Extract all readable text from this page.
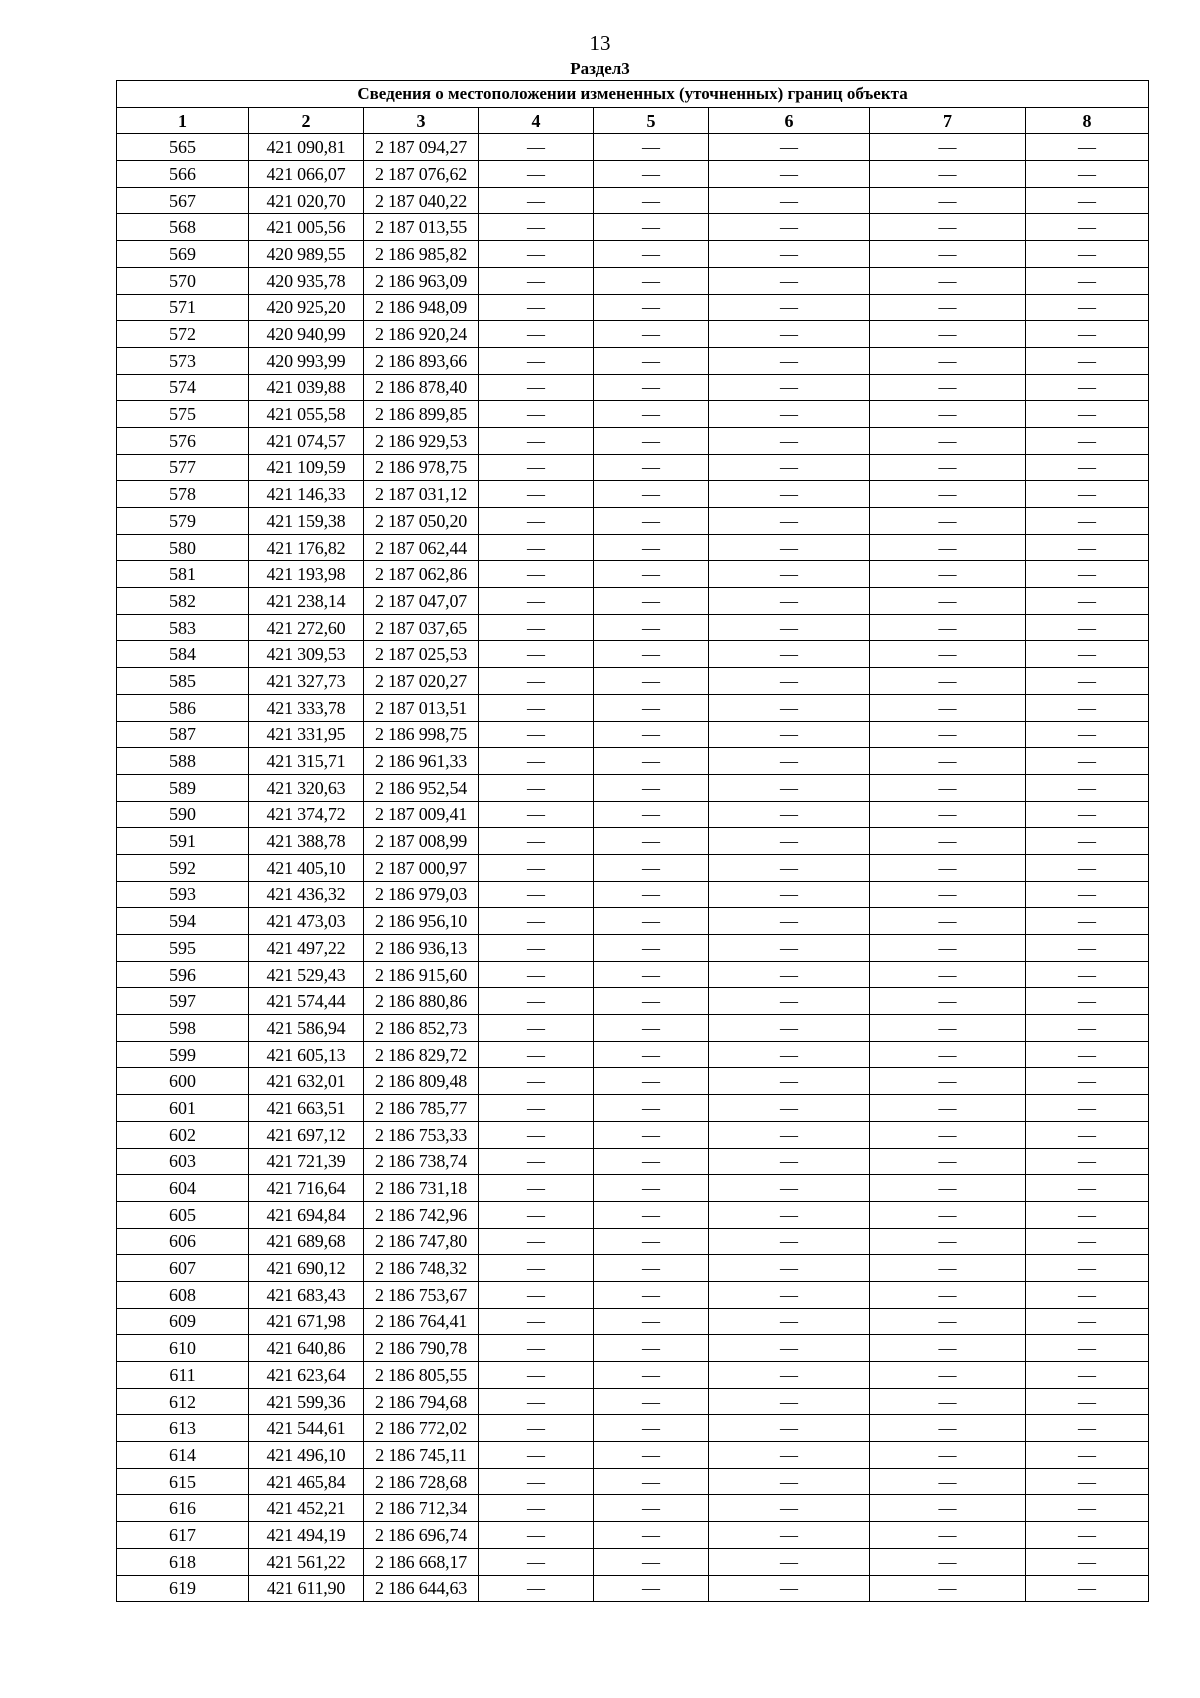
13
Раздел3
Сведения о местоположении измененных (уточненных) границ объекта							
1	2	3	4	5	6	7	8
565	421 090,81	2 187 094,27	—	—	—	—	—
566	421 066,07	2 187 076,62	—	—	—	—	—
567	421 020,70	2 187 040,22	—	—	—	—	—
568	421 005,56	2 187 013,55	—	—	—	—	—
569	420 989,55	2 186 985,82	—	—	—	—	—
570	420 935,78	2 186 963,09	—	—	—	—	—
571	420 925,20	2 186 948,09	—	—	—	—	—
572	420 940,99	2 186 920,24	—	—	—	—	—
573	420 993,99	2 186 893,66	—	—	—	—	—
574	421 039,88	2 186 878,40	—	—	—	—	—
575	421 055,58	2 186 899,85	—	—	—	—	—
576	421 074,57	2 186 929,53	—	—	—	—	—
577	421 109,59	2 186 978,75	—	—	—	—	—
578	421 146,33	2 187 031,12	—	—	—	—	—
579	421 159,38	2 187 050,20	—	—	—	—	—
580	421 176,82	2 187 062,44	—	—	—	—	—
581	421 193,98	2 187 062,86	—	—	—	—	—
582	421 238,14	2 187 047,07	—	—	—	—	—
583	421 272,60	2 187 037,65	—	—	—	—	—
584	421 309,53	2 187 025,53	—	—	—	—	—
585	421 327,73	2 187 020,27	—	—	—	—	—
586	421 333,78	2 187 013,51	—	—	—	—	—
587	421 331,95	2 186 998,75	—	—	—	—	—
588	421 315,71	2 186 961,33	—	—	—	—	—
589	421 320,63	2 186 952,54	—	—	—	—	—
590	421 374,72	2 187 009,41	—	—	—	—	—
591	421 388,78	2 187 008,99	—	—	—	—	—
592	421 405,10	2 187 000,97	—	—	—	—	—
593	421 436,32	2 186 979,03	—	—	—	—	—
594	421 473,03	2 186 956,10	—	—	—	—	—
595	421 497,22	2 186 936,13	—	—	—	—	—
596	421 529,43	2 186 915,60	—	—	—	—	—
597	421 574,44	2 186 880,86	—	—	—	—	—
598	421 586,94	2 186 852,73	—	—	—	—	—
599	421 605,13	2 186 829,72	—	—	—	—	—
600	421 632,01	2 186 809,48	—	—	—	—	—
601	421 663,51	2 186 785,77	—	—	—	—	—
602	421 697,12	2 186 753,33	—	—	—	—	—
603	421 721,39	2 186 738,74	—	—	—	—	—
604	421 716,64	2 186 731,18	—	—	—	—	—
605	421 694,84	2 186 742,96	—	—	—	—	—
606	421 689,68	2 186 747,80	—	—	—	—	—
607	421 690,12	2 186 748,32	—	—	—	—	—
608	421 683,43	2 186 753,67	—	—	—	—	—
609	421 671,98	2 186 764,41	—	—	—	—	—
610	421 640,86	2 186 790,78	—	—	—	—	—
611	421 623,64	2 186 805,55	—	—	—	—	—
612	421 599,36	2 186 794,68	—	—	—	—	—
613	421 544,61	2 186 772,02	—	—	—	—	—
614	421 496,10	2 186 745,11	—	—	—	—	—
615	421 465,84	2 186 728,68	—	—	—	—	—
616	421 452,21	2 186 712,34	—	—	—	—	—
617	421 494,19	2 186 696,74	—	—	—	—	—
618	421 561,22	2 186 668,17	—	—	—	—	—
619	421 611,90	2 186 644,63	—	—	—	—	—
